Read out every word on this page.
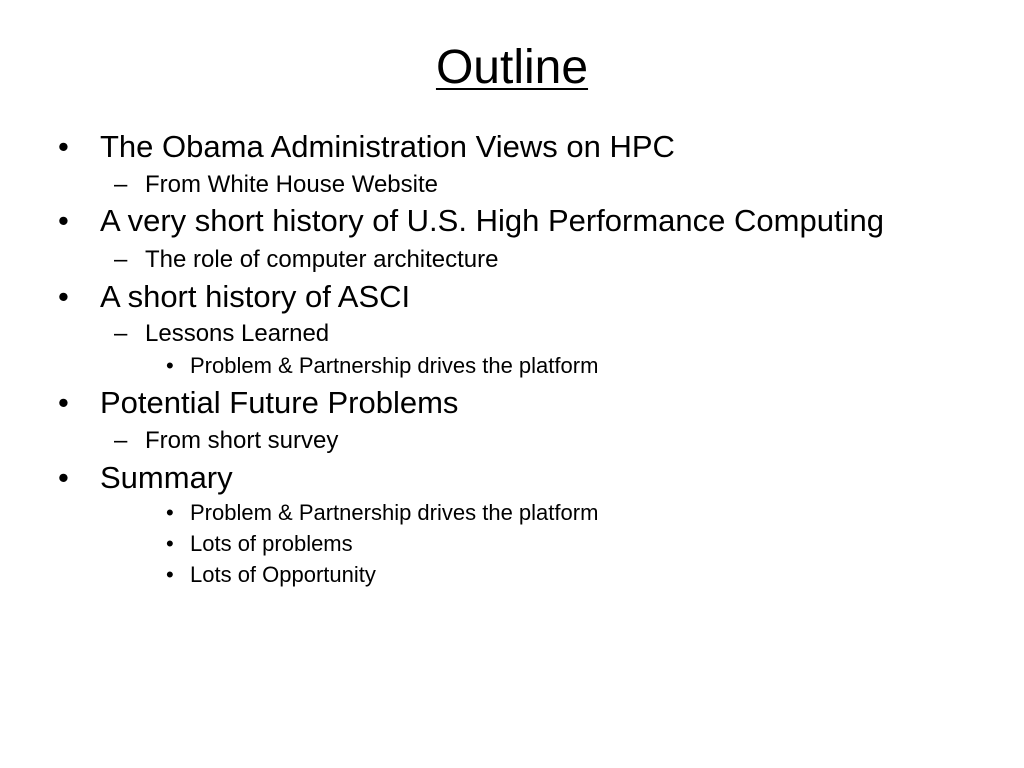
Outline
• The Obama Administration Views on HPC
– From White House Website
• A very short history of U.S. High Performance Computing
– The role of computer architecture
• A short history of ASCI
– Lessons Learned
• Problem & Partnership drives the platform
• Potential Future Problems
– From short survey
• Summary
• Problem & Partnership drives the platform
• Lots of problems
• Lots of Opportunity
